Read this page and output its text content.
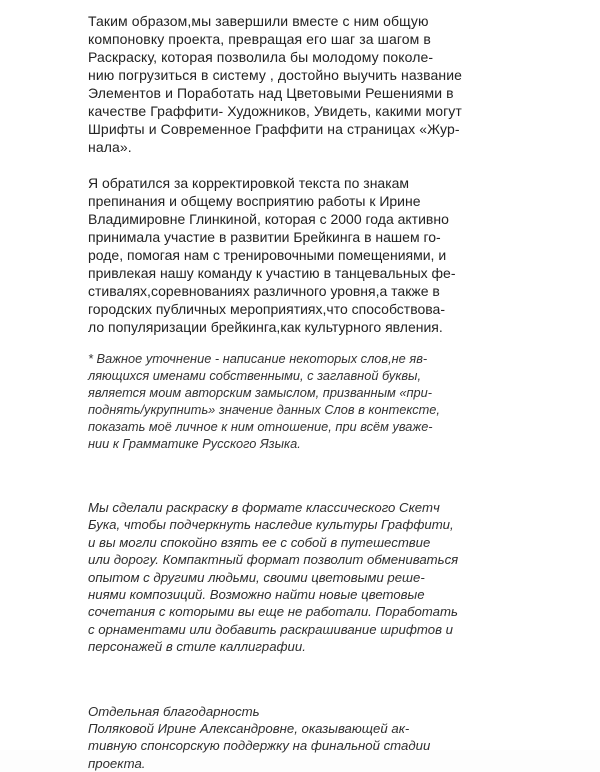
Таким образом,мы завершили вместе с ним общую
компоновку проекта, превращая его шаг за шагом в
Раскраску, которая позволила бы молодому поколе-
нию погрузиться в систему , достойно выучить название
Элементов и Поработать над Цветовыми Решениями в
качестве Граффити- Художников, Увидеть, какими могут
Шрифты и Современное Граффити на страницах «Жур-
нала».

Я обратился за корректировкой текста по знакам
препинания и общему восприятию работы к Ирине
Владимировне Глинкиной, которая с 2000 года активно
принимала участие в развитии Брейкинга в нашем го-
роде, помогая нам с тренировочными помещениями, и
привлекая нашу команду к участию в танцевальных фе-
стивалях,соревнованиях различного уровня,а также в
городских публичных мероприятиях,что способствова-
ло популяризации брейкинга,как культурного явления.

* Важное уточнение - написание некоторых слов,не яв-
ляющихся именами собственными, с заглавной буквы,
является моим авторским замыслом, призванным «при-
поднять/укрупнить» значение данных Слов в контексте,
показать моё личное к ним отношение, при всём уваже-
нии к Грамматике Русского Языка.

Мы сделали раскраску в формате классического Скетч
Бука, чтобы подчеркнуть наследие культуры Граффити,
и вы могли спокойно взять ее с собой в путешествие
или дорогу. Компактный формат позволит обмениваться
опытом с другими людьми, своими цветовыми реше-
ниями композиций. Возможно найти новые цветовые
сочетания с которыми вы еще не работали. Поработать
с орнаментами или добавить раскрашивание шрифтов и
персонажей в стиле каллиграфии.

Отдельная благодарность
Поляковой Ирине Александровне, оказывающей ак-
тивную спонсорскую поддержку на финальной стадии
проекта.
